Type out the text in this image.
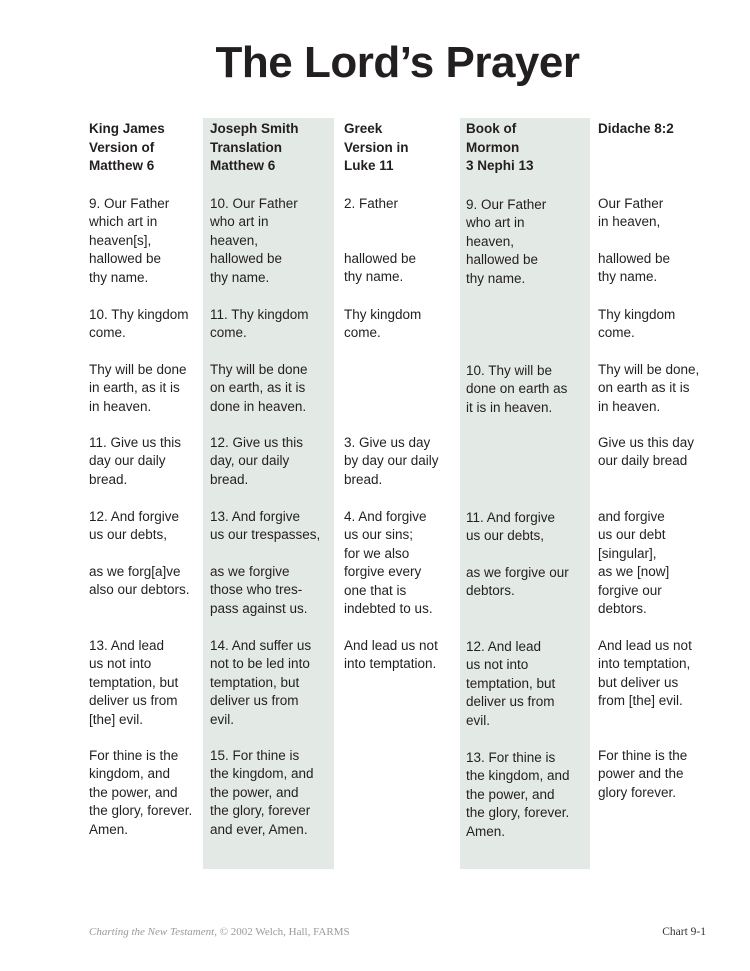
The Lord’s Prayer
King James
Version of
Matthew 6
9. Our Father
which art in
heaven[s],
hallowed be
thy name.
10. Thy kingdom
come.
Thy will be done
in earth, as it is
in heaven.
11. Give us this
day our daily
bread.
12. And forgive
us our debts,
as we forg[a]ve
also our debtors.
13. And lead
us not into
temptation, but
deliver us from
[the] evil.
For thine is the
kingdom, and
the power, and
the glory, forever.
Amen.
Joseph Smith
Translation
Matthew 6
10. Our Father
who art in
heaven,
hallowed be
thy name.
11. Thy kingdom
come.
Thy will be done
on earth, as it is
done in heaven.
12. Give us this
day, our daily
bread.
13. And forgive
us our trespasses,
as we forgive
those who tres-
pass against us.
14. And suffer us
not to be led into
temptation, but
deliver us from
evil.
15. For thine is
the kingdom, and
the power, and
the glory, forever
and ever, Amen.
Greek
Version in
Luke 11
2. Father
hallowed be
thy name.
Thy kingdom
come.
3. Give us day
by day our daily
bread.
4. And forgive
us our sins;
for we also
forgive every
one that is
indebted to us.
And lead us not
into temptation.
Book of
Mormon
3 Nephi 13
9. Our Father
who art in
heaven,
hallowed be
thy name.
10. Thy will be
done on earth as
it is in heaven.
11. And forgive
us our debts,
as we forgive our
debtors.
12. And lead
us not into
temptation, but
deliver us from
evil.
13. For thine is
the kingdom, and
the power, and
the glory, forever.
Amen.
Didache 8:2
Our Father
in heaven,
hallowed be
thy name.
Thy kingdom
come.
Thy will be done,
on earth as it is
in heaven.
Give us this day
our daily bread
and forgive
us our debt
[singular],
as we [now]
forgive our
debtors.
And lead us not
into temptation,
but deliver us
from [the] evil.
For thine is the
power and the
glory forever.
Charting the New Testament, © 2002 Welch, Hall, FARMS	Chart 9-1
